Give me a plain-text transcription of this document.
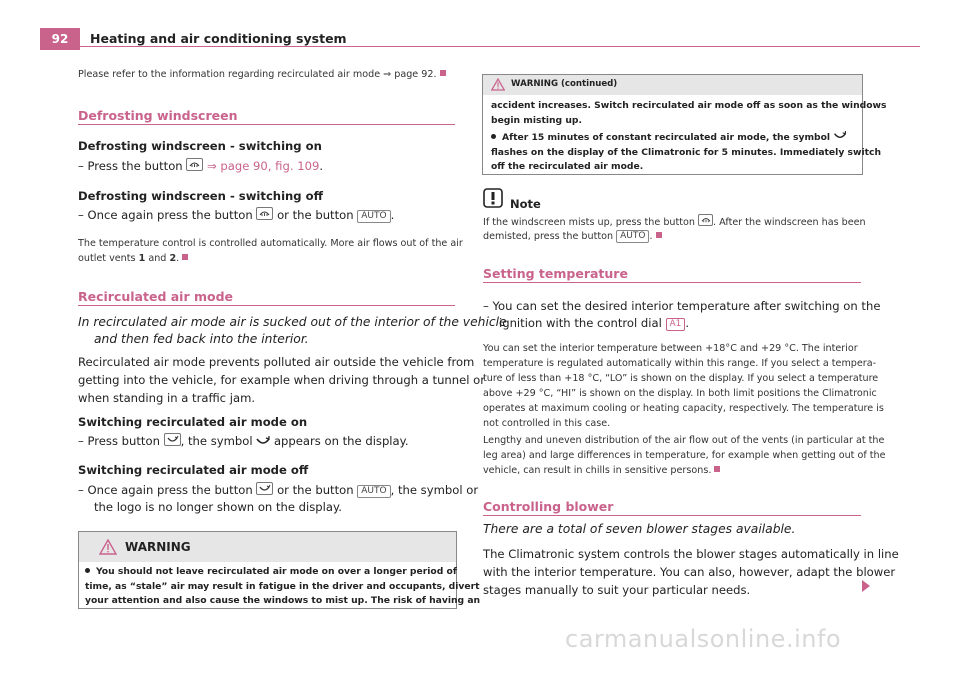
92	Heating and air conditioning system
Please refer to the information regarding recirculated air mode ⇒ page 92.
Defrosting windscreen
Defrosting windscreen - switching on
– Press the button ⇒ page 90, fig. 109.
Defrosting windscreen - switching off
– Once again press the button or the button AUTO .
The temperature control is controlled automatically. More air flows out of the air
outlet vents 1 and 2.
Recirculated air mode
In recirculated air mode air is sucked out of the interior of the vehicle
and then fed back into the interior.
Recirculated air mode prevents polluted air outside the vehicle from
getting into the vehicle, for example when driving through a tunnel or
when standing in a traffic jam.
Switching recirculated air mode on
– Press button , the symbol appears on the display.
Switching recirculated air mode off
– Once again press the button or the button AUTO , the symbol or
the logo is no longer shown on the display.
WARNING
You should not leave recirculated air mode on over a longer period of
time, as “stale” air may result in fatigue in the driver and occupants, divert
your attention and also cause the windows to mist up. The risk of having an
WARNING (continued)
accident increases. Switch recirculated air mode off as soon as the windows
begin misting up.
After 15 minutes of constant recirculated air mode, the symbol
flashes on the display of the Climatronic for 5 minutes. Immediately switch
off the recirculated air mode.
Note
If the windscreen mists up, press the button . After the windscreen has been
demisted, press the button AUTO .
Setting temperature
– You can set the desired interior temperature after switching on the
ignition with the control dial A1 .
You can set the interior temperature between +18°C and +29 °C. The interior
temperature is regulated automatically within this range. If you select a tempera-
ture of less than +18 °C, “LO” is shown on the display. If you select a temperature
above +29 °C, “HI” is shown on the display. In both limit positions the Climatronic
operates at maximum cooling or heating capacity, respectively. The temperature is
not controlled in this case.
Lengthy and uneven distribution of the air flow out of the vents (in particular at the
leg area) and large differences in temperature, for example when getting out of the
vehicle, can result in chills in sensitive persons.
Controlling blower
There are a total of seven blower stages available.
The Climatronic system controls the blower stages automatically in line
with the interior temperature. You can also, however, adapt the blower
stages manually to suit your particular needs.
carmanualsonline.info
